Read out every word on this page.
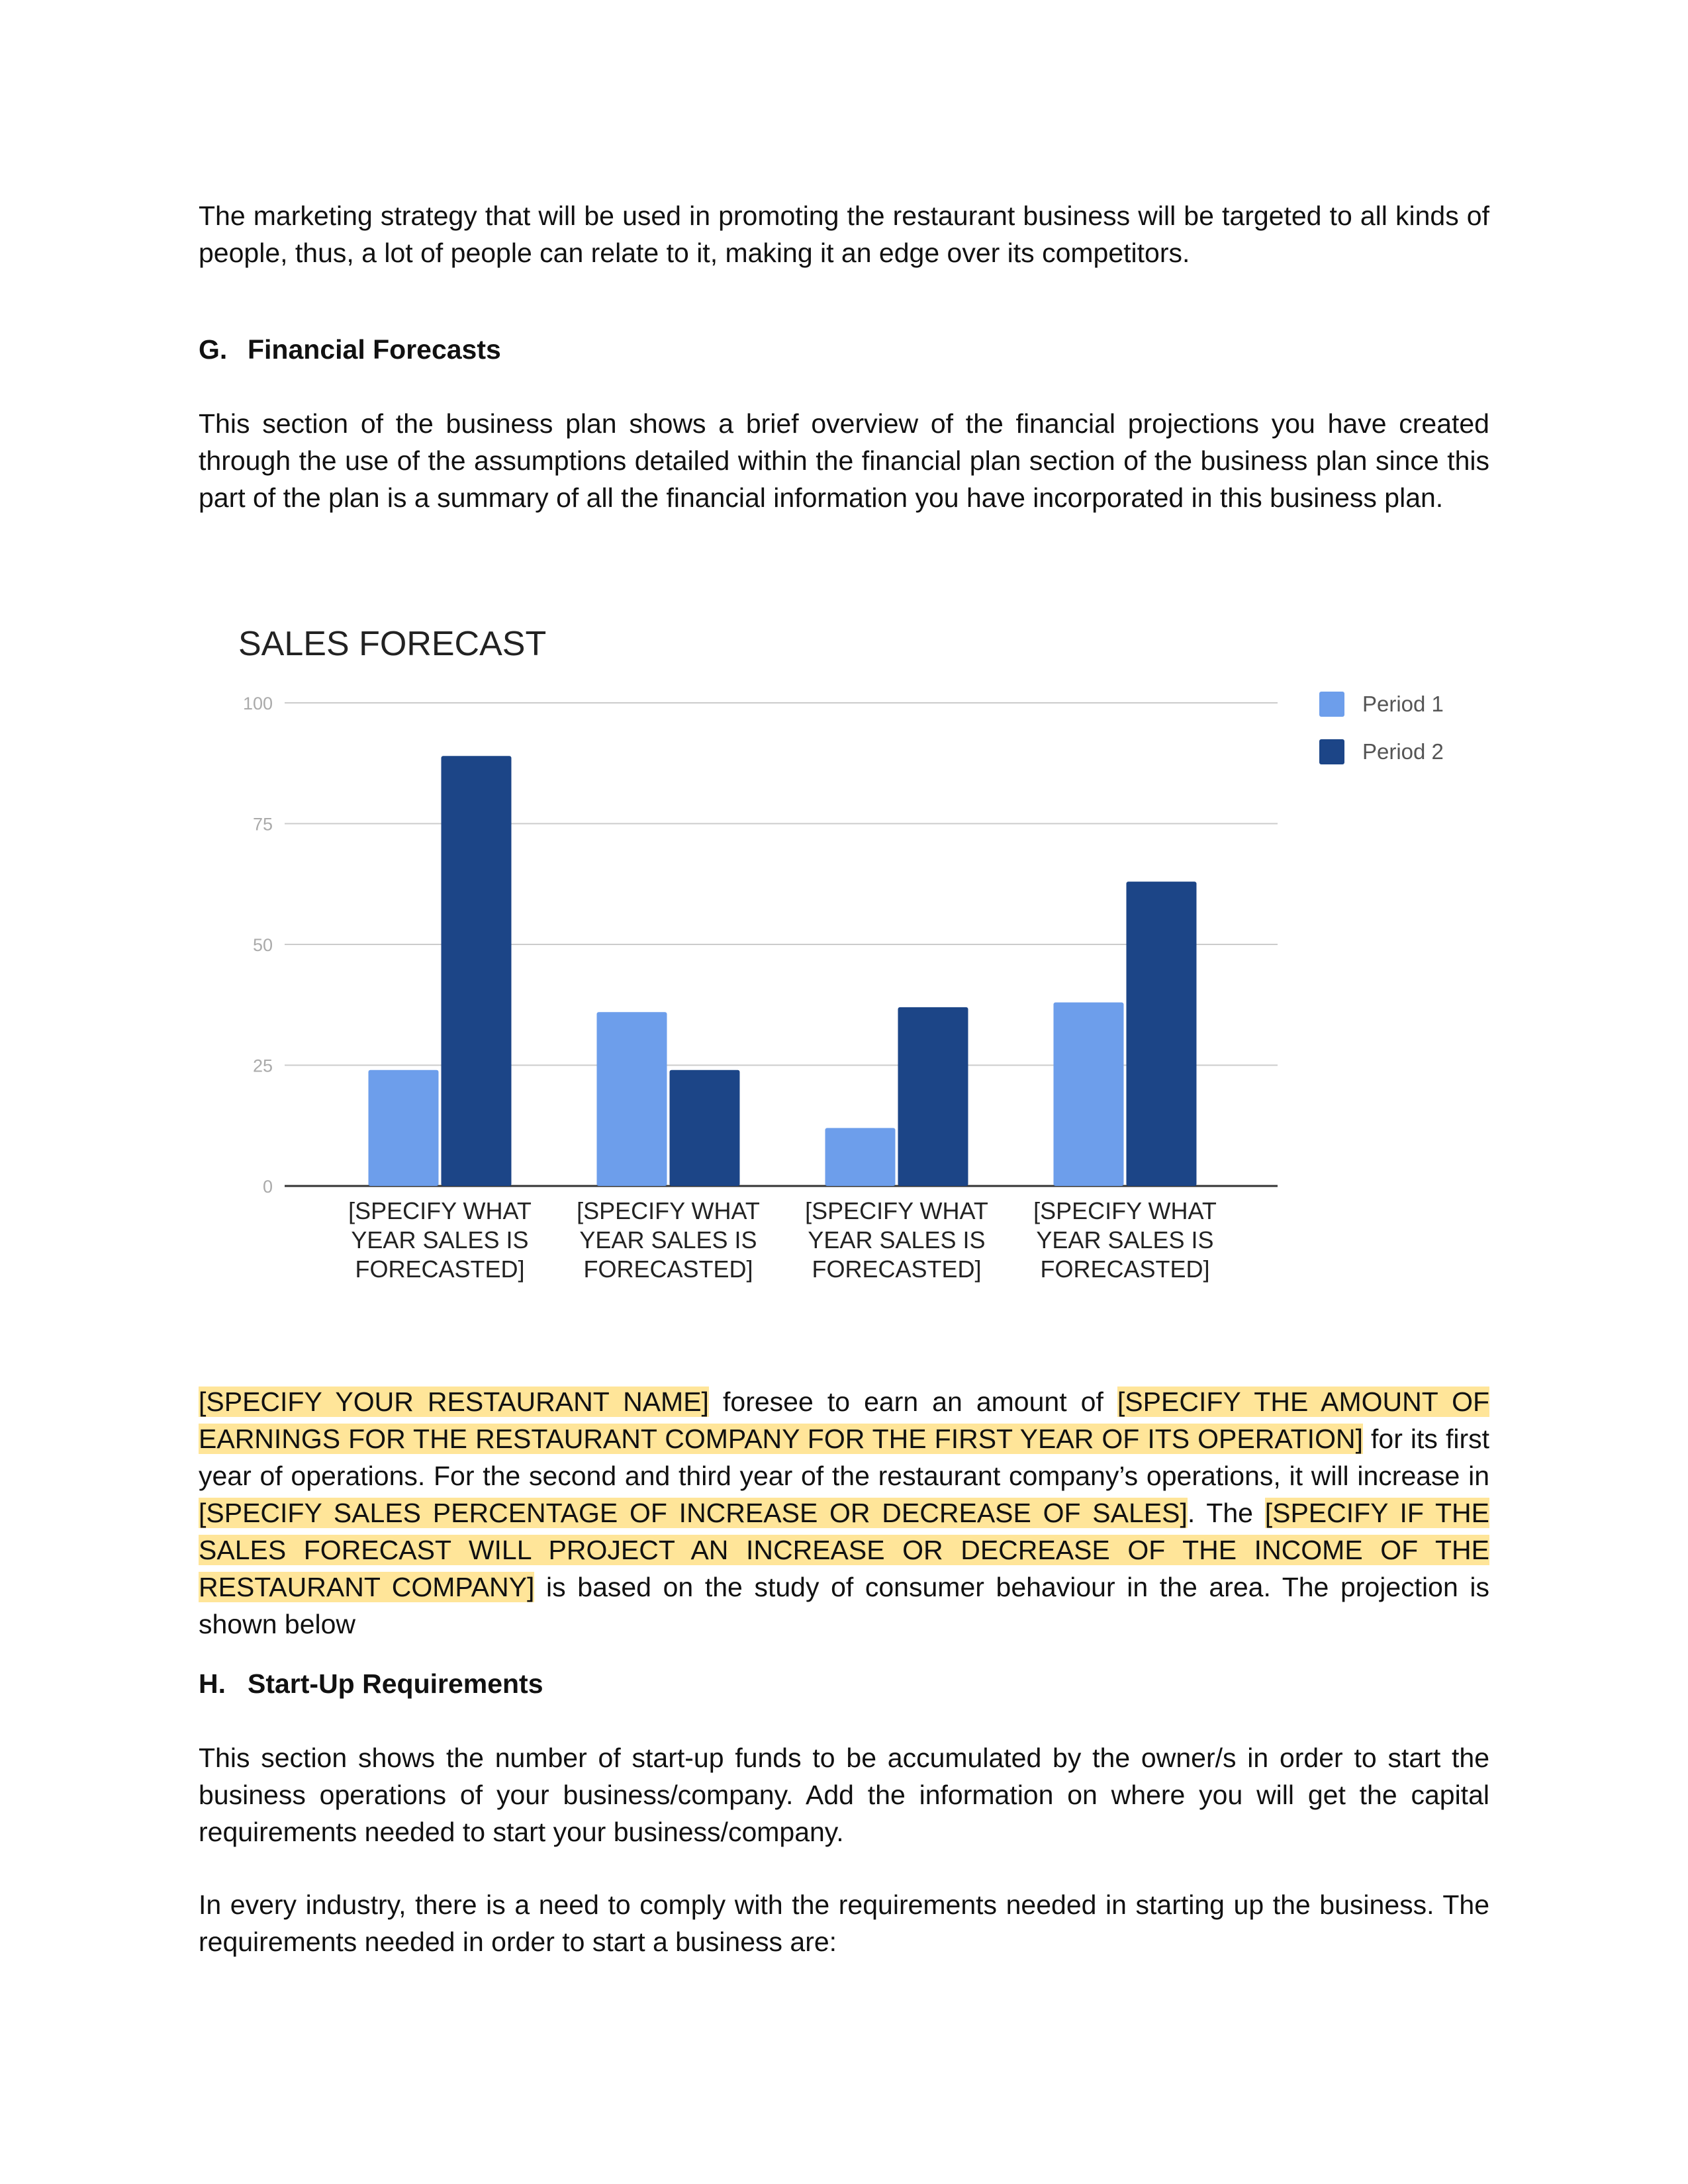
The marketing strategy that will be used in promoting the restaurant business will be targeted to all kinds of people, thus, a lot of people can relate to it, making it an edge over its competitors.

G. Financial Forecasts

This section of the business plan shows a brief overview of the financial projections you have created through the use of the assumptions detailed within the financial plan section of the business plan since this part of the plan is a summary of all the financial information you have incorporated in this business plan.

SALES FORECAST
0
25
50
75
100
[SPECIFY WHAT
YEAR SALES IS
FORECASTED]
[SPECIFY WHAT
YEAR SALES IS
FORECASTED]
[SPECIFY WHAT
YEAR SALES IS
FORECASTED]
[SPECIFY WHAT
YEAR SALES IS
FORECASTED]
Period 1
Period 2

[SPECIFY YOUR RESTAURANT NAME] foresee to earn an amount of [SPECIFY THE AMOUNT OF EARNINGS FOR THE RESTAURANT COMPANY FOR THE FIRST YEAR OF ITS OPERATION] for its first year of operations. For the second and third year of the restaurant company’s operations, it will increase in [SPECIFY SALES PERCENTAGE OF INCREASE OR DECREASE OF SALES]. The [SPECIFY IF THE SALES FORECAST WILL PROJECT AN INCREASE OR DECREASE OF THE INCOME OF THE RESTAURANT COMPANY] is based on the study of consumer behaviour in the area. The projection is shown below

H. Start-Up Requirements

This section shows the number of start-up funds to be accumulated by the owner/s in order to start the business operations of your business/company. Add the information on where you will get the capital requirements needed to start your business/company.

In every industry, there is a need to comply with the requirements needed in starting up the business. The requirements needed in order to start a business are:
